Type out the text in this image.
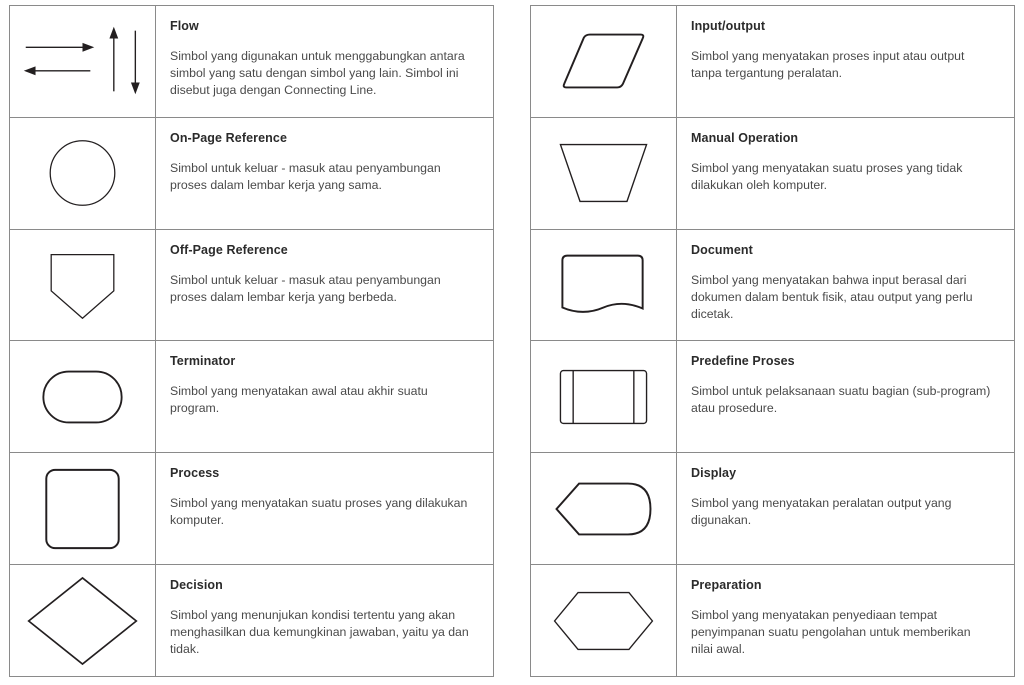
Flow

Simbol yang digunakan untuk menggabungkan antara simbol yang satu dengan simbol yang lain. Simbol ini disebut juga dengan Connecting Line.

On-Page Reference

Simbol untuk keluar - masuk atau penyambungan proses dalam lembar kerja yang sama.

Off-Page Reference

Simbol untuk keluar - masuk atau penyambungan proses dalam lembar kerja yang berbeda.

Terminator

Simbol yang menyatakan awal atau akhir suatu program.

Process

Simbol yang menyatakan suatu proses yang dilakukan komputer.

Decision

Simbol yang menunjukan kondisi tertentu yang akan menghasilkan dua kemungkinan jawaban, yaitu ya dan tidak.

Input/output

Simbol yang menyatakan proses input atau output tanpa tergantung peralatan.

Manual Operation

Simbol yang menyatakan suatu proses yang tidak dilakukan oleh komputer.

Document

Simbol yang menyatakan bahwa input berasal dari dokumen dalam bentuk fisik, atau output yang perlu dicetak.

Predefine Proses

Simbol untuk pelaksanaan suatu bagian (sub-program) atau prosedure.

Display

Simbol yang menyatakan peralatan output yang digunakan.

Preparation

Simbol yang menyatakan penyediaan tempat penyimpanan suatu pengolahan untuk memberikan nilai awal.
